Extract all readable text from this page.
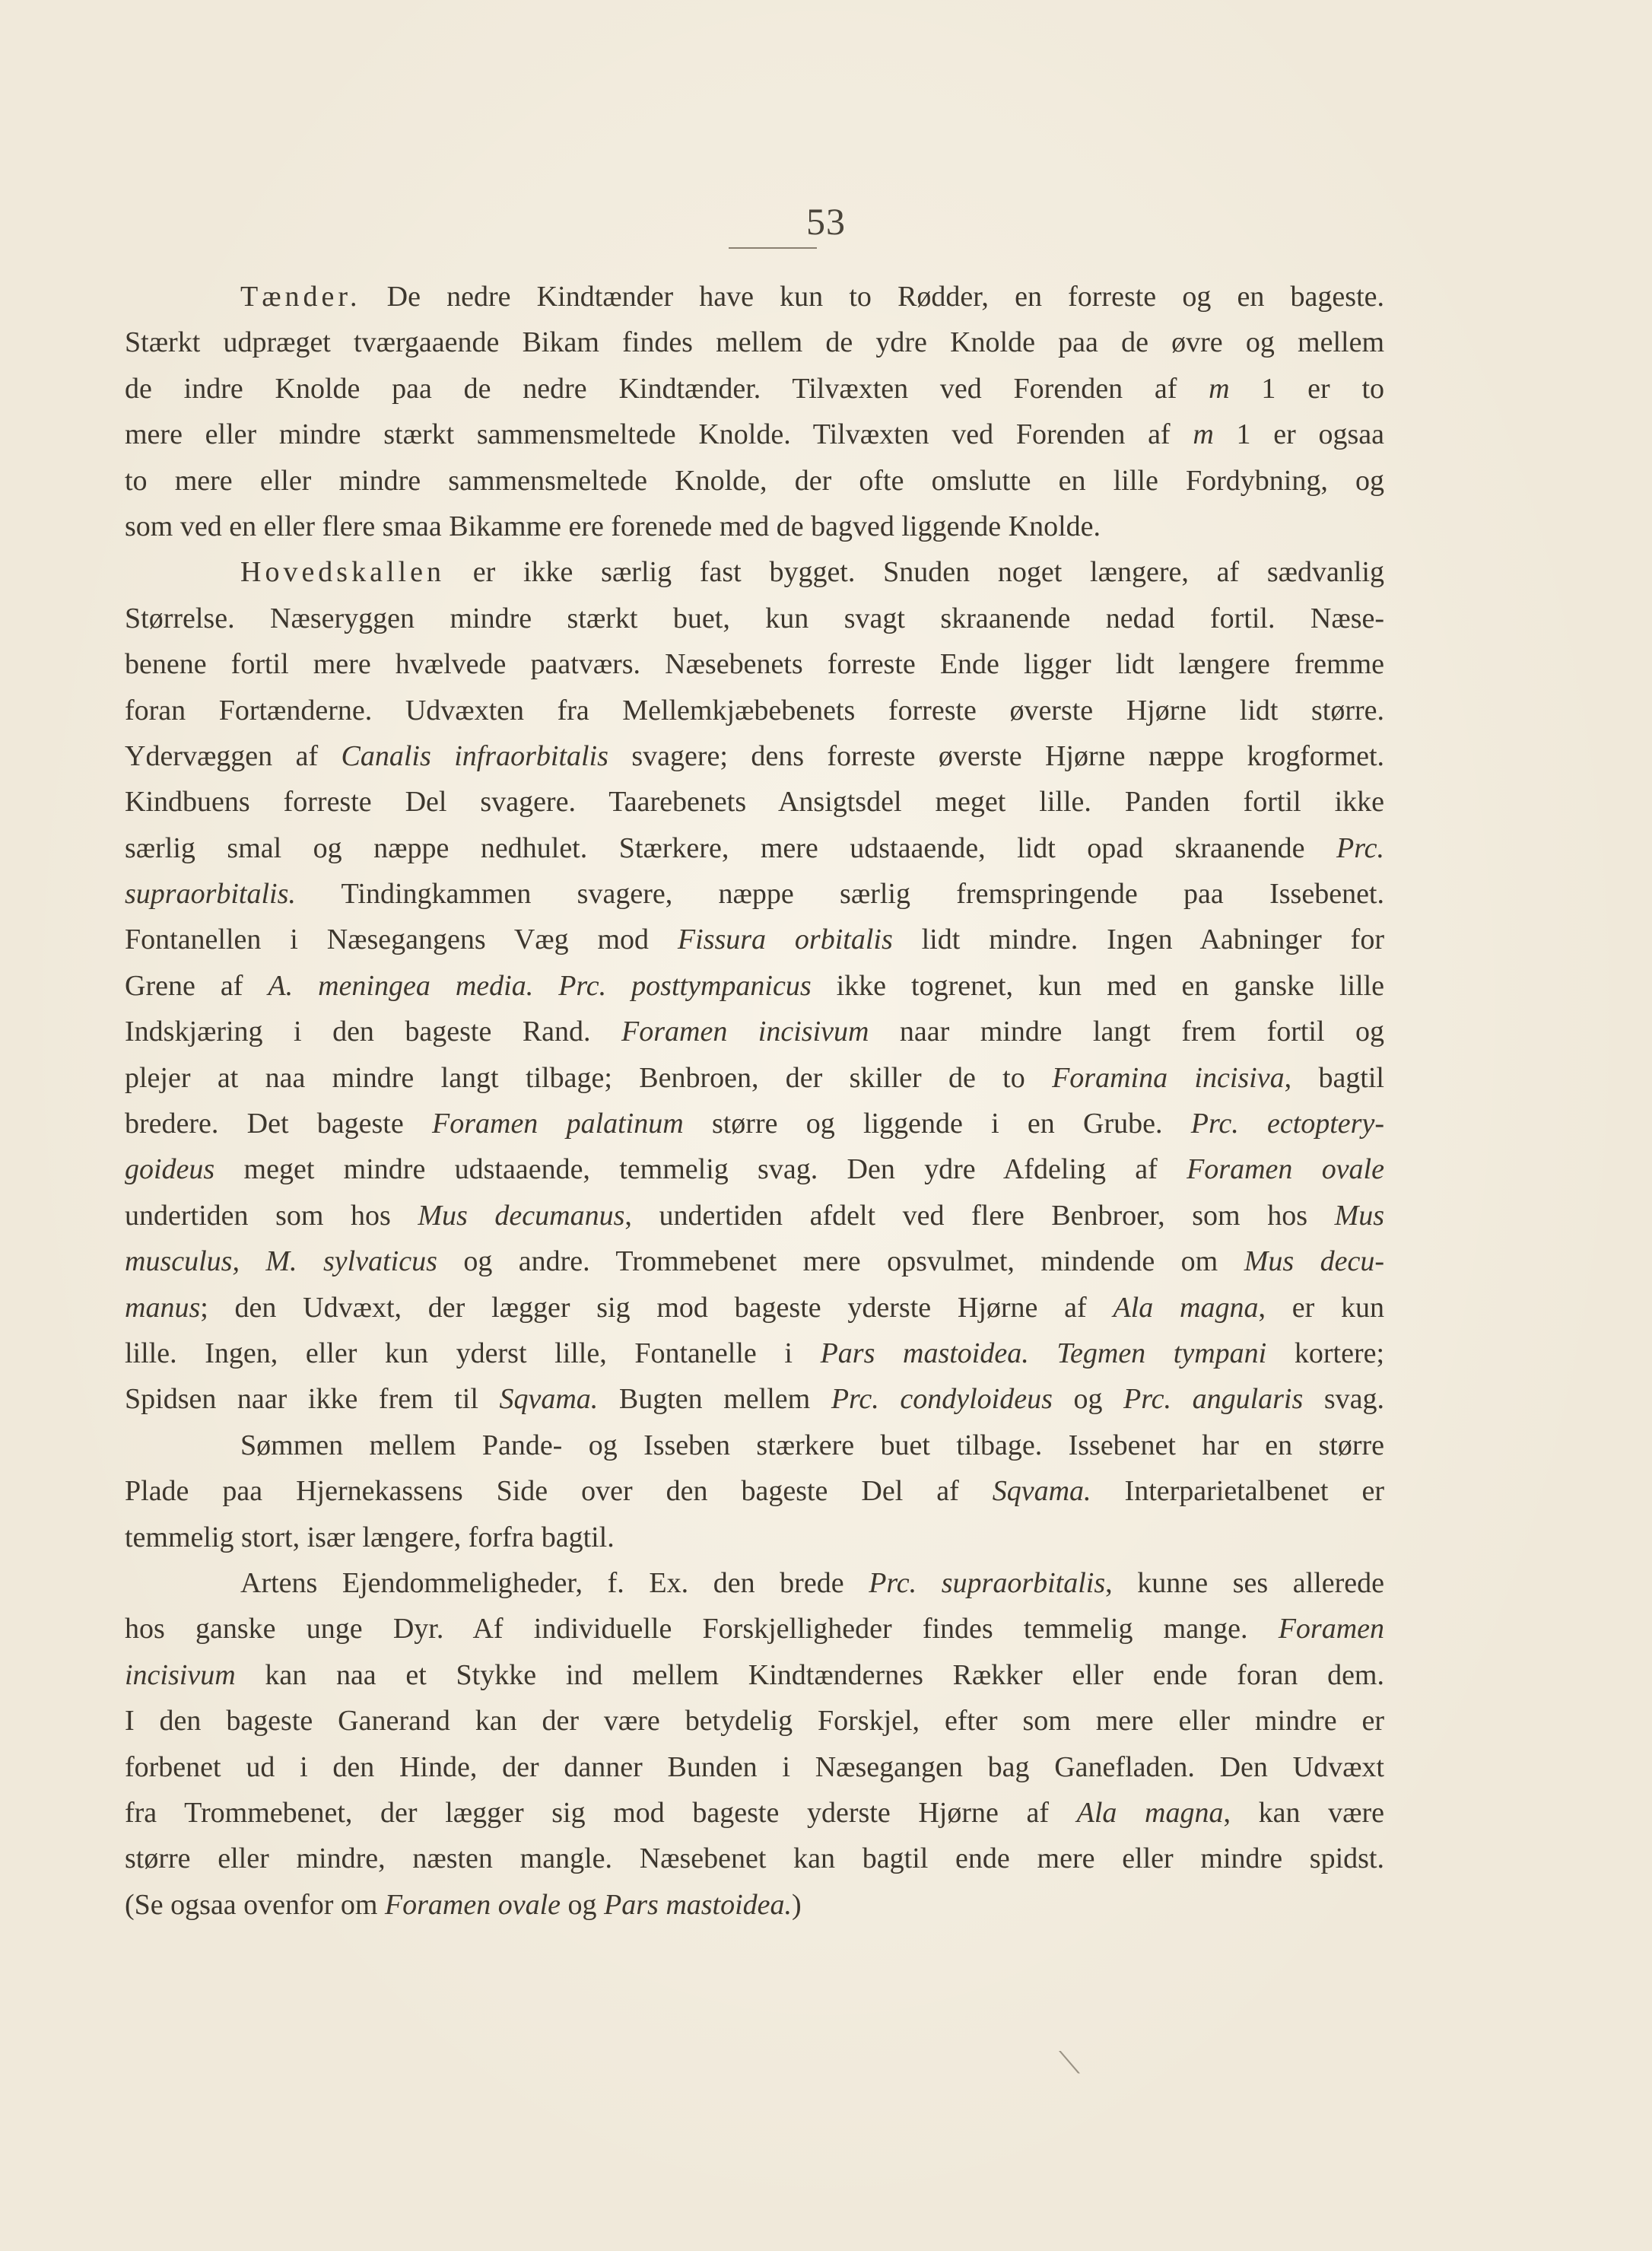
53
Tænder. De nedre Kindtænder have kun to Rødder, en forreste og en bageste.
Stærkt udpræget tværgaaende Bikam findes mellem de ydre Knolde paa de øvre og mellem
de indre Knolde paa de nedre Kindtænder. Tilvæxten ved Forenden af m 1 er to
mere eller mindre stærkt sammensmeltede Knolde. Tilvæxten ved Forenden af m 1 er ogsaa
to mere eller mindre sammensmeltede Knolde, der ofte omslutte en lille Fordybning, og
som ved en eller flere smaa Bikamme ere forenede med de bagved liggende Knolde.
Hovedskallen er ikke særlig fast bygget. Snuden noget længere, af sædvanlig
Størrelse. Næseryggen mindre stærkt buet, kun svagt skraanende nedad fortil. Næse-
benene fortil mere hvælvede paatværs. Næsebenets forreste Ende ligger lidt længere fremme
foran Fortænderne. Udvæxten fra Mellemkjæbebenets forreste øverste Hjørne lidt større.
Ydervæggen af Canalis infraorbitalis svagere; dens forreste øverste Hjørne næppe krogformet.
Kindbuens forreste Del svagere. Taarebenets Ansigtsdel meget lille. Panden fortil ikke
særlig smal og næppe nedhulet. Stærkere, mere udstaaende, lidt opad skraanende Prc.
supraorbitalis. Tindingkammen svagere, næppe særlig fremspringende paa Issebenet.
Fontanellen i Næsegangens Væg mod Fissura orbitalis lidt mindre. Ingen Aabninger for
Grene af A. meningea media. Prc. posttympanicus ikke togrenet, kun med en ganske lille
Indskjæring i den bageste Rand. Foramen incisivum naar mindre langt frem fortil og
plejer at naa mindre langt tilbage; Benbroen, der skiller de to Foramina incisiva, bagtil
bredere. Det bageste Foramen palatinum større og liggende i en Grube. Prc. ectoptery-
goideus meget mindre udstaaende, temmelig svag. Den ydre Afdeling af Foramen ovale
undertiden som hos Mus decumanus, undertiden afdelt ved flere Benbroer, som hos Mus
musculus, M. sylvaticus og andre. Trommebenet mere opsvulmet, mindende om Mus decu-
manus; den Udvæxt, der lægger sig mod bageste yderste Hjørne af Ala magna, er kun
lille. Ingen, eller kun yderst lille, Fontanelle i Pars mastoidea. Tegmen tympani kortere;
Spidsen naar ikke frem til Sqvama. Bugten mellem Prc. condyloideus og Prc. angularis svag.
Sømmen mellem Pande- og Isseben stærkere buet tilbage. Issebenet har en større
Plade paa Hjernekassens Side over den bageste Del af Sqvama. Interparietalbenet er
temmelig stort, især længere, forfra bagtil.
Artens Ejendommeligheder, f. Ex. den brede Prc. supraorbitalis, kunne ses allerede
hos ganske unge Dyr. Af individuelle Forskjelligheder findes temmelig mange. Foramen
incisivum kan naa et Stykke ind mellem Kindtændernes Rækker eller ende foran dem.
I den bageste Ganerand kan der være betydelig Forskjel, efter som mere eller mindre er
forbenet ud i den Hinde, der danner Bunden i Næsegangen bag Ganefladen. Den Udvæxt
fra Trommebenet, der lægger sig mod bageste yderste Hjørne af Ala magna, kan være
større eller mindre, næsten mangle. Næsebenet kan bagtil ende mere eller mindre spidst.
(Se ogsaa ovenfor om Foramen ovale og Pars mastoidea.)
⟍
